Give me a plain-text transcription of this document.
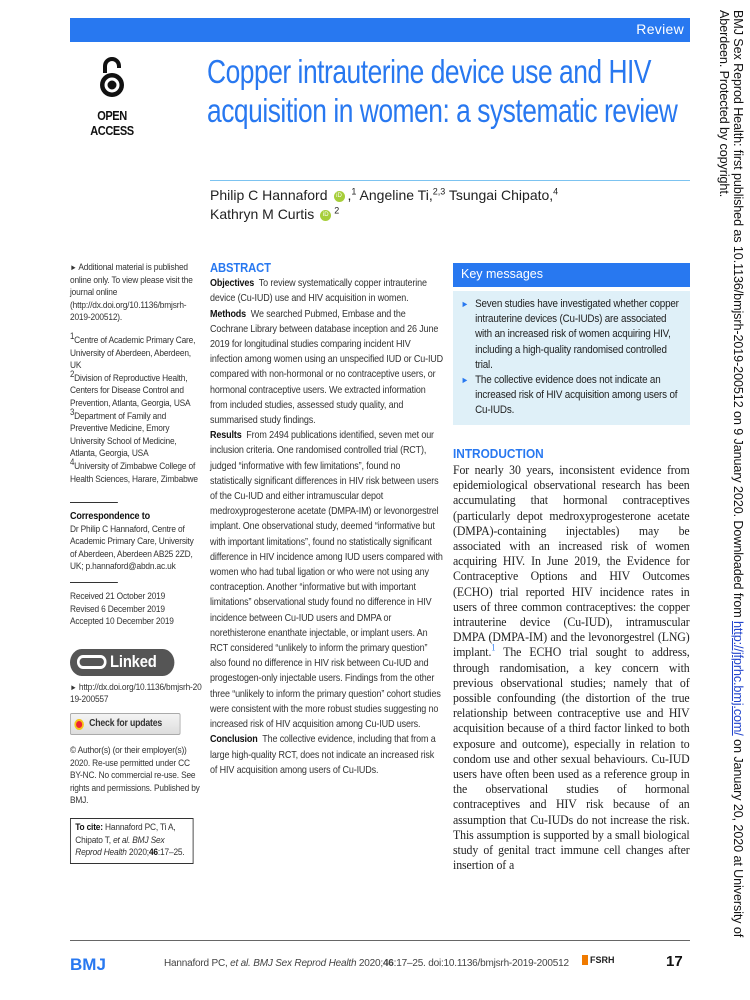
Review
OPEN ACCESS
Copper intrauterine device use and HIV acquisition in women: a systematic review
Philip C Hannaford iD ,$^1$ Angeline Ti,$^{2,3}$ Tsungai Chipato,$^4$
Kathryn M Curtis iD $^2$

► Additional material is published online only. To view please visit the journal online (http://dx.doi.org/10.1136/bmjsrh-2019-200512).

$^1$Centre of Academic Primary Care, University of Aberdeen, Aberdeen, UK
$^2$Division of Reproductive Health, Centers for Disease Control and Prevention, Atlanta, Georgia, USA
$^3$Department of Family and Preventive Medicine, Emory University School of Medicine, Atlanta, Georgia, USA
$^4$University of Zimbabwe College of Health Sciences, Harare, Zimbabwe
Correspondence to
Dr Philip C Hannaford, Centre of Academic Primary Care, University of Aberdeen, Aberdeen AB25 2ZD, UK; p.hannaford@abdn.ac.uk
Received 21 October 2019
Revised 6 December 2019
Accepted 10 December 2019
Linked

► http://dx.doi.org/10.1136/bmjsrh-2019-200557

Check for updates

© Author(s) (or their employer(s)) 2020. Re-use permitted under CC BY-NC. No commercial re-use. See rights and permissions. Published by BMJ.

To cite: Hannaford PC, Ti A, Chipato T, et al. BMJ Sex Reprod Health 2020;46:17–25.
ABSTRACT

Objectives To review systematically copper intrauterine device (Cu-IUD) use and HIV acquisition in women.

Methods We searched Pubmed, Embase and the Cochrane Library between database inception and 26 June 2019 for longitudinal studies comparing incident HIV infection among women using an unspecified IUD or Cu-IUD compared with non-hormonal or no contraceptive users, or hormonal contraceptive users. We extracted information from included studies, assessed study quality, and summarised study findings.

Results From 2494 publications identified, seven met our inclusion criteria. One randomised controlled trial (RCT), judged “informative with few limitations”, found no statistically significant differences in HIV risk between users of the Cu-IUD and either intramuscular depot medroxyprogesterone acetate (DMPA-IM) or levonorgestrel implant. One observational study, deemed “informative but with important limitations”, found no statistically significant difference in HIV incidence among IUD users compared with women who had tubal ligation or who were not using any contraception. Another “informative but with important limitations” observational study found no difference in HIV incidence between Cu-IUD users and DMPA or norethisterone enanthate injectable, or implant users. An RCT considered “unlikely to inform the primary question” also found no difference in HIV risk between Cu-IUD and progestogen-only injectable users. Findings from the other three “unlikely to inform the primary question” cohort studies were consistent with the more robust studies suggesting no increased risk of HIV acquisition among Cu-IUD users.

Conclusion The collective evidence, including that from a large high-quality RCT, does not indicate an increased risk of HIV acquisition among users of Cu-IUDs.

Key messages
► Seven studies have investigated whether copper intrauterine devices (Cu-IUDs) are associated with an increased risk of women acquiring HIV, including a high-quality randomised controlled trial.
► The collective evidence does not indicate an increased risk of HIV acquisition among users of Cu-IUDs.
INTRODUCTION

For nearly 30 years, inconsistent evidence from epidemiological observational research has been accumulating that hormonal contraceptives (particularly depot medroxyprogesterone acetate (DMPA)-containing injectables) may be associated with an increased risk of women acquiring HIV. In June 2019, the Evidence for Contraceptive Options and HIV Outcomes (ECHO) trial reported HIV incidence rates in users of three common contraceptives: the copper intrauterine device (Cu-IUD), intramuscular DMPA (DMPA-IM) and the levonorgestrel (LNG) implant.$^1$ The ECHO trial sought to address, through randomisation, a key concern with previous observational studies; namely that of possible confounding (the distortion of the true relationship between contraceptive use and HIV acquisition because of a third factor linked to both exposure and outcome), especially in relation to condom use and other sexual behaviours. Cu-IUD users have often been used as a reference group in the observational studies of hormonal contraceptives and HIV risk because of an assumption that Cu-IUDs do not increase the risk. This assumption is supported by a small biological study of genital tract immune cell changes after insertion of a

BMJ	Hannaford PC, et al. BMJ Sex Reprod Health 2020;46:17–25. doi:10.1136/bmjsrh-2019-200512	FSRH	17
BMJ Sex Reprod Health: first published as 10.1136/bmjsrh-2019-200512 on 9 January 2020. Downloaded from http://jfprhc.bmj.com/ on January 20, 2020 at University of Aberdeen. Protected by copyright.
